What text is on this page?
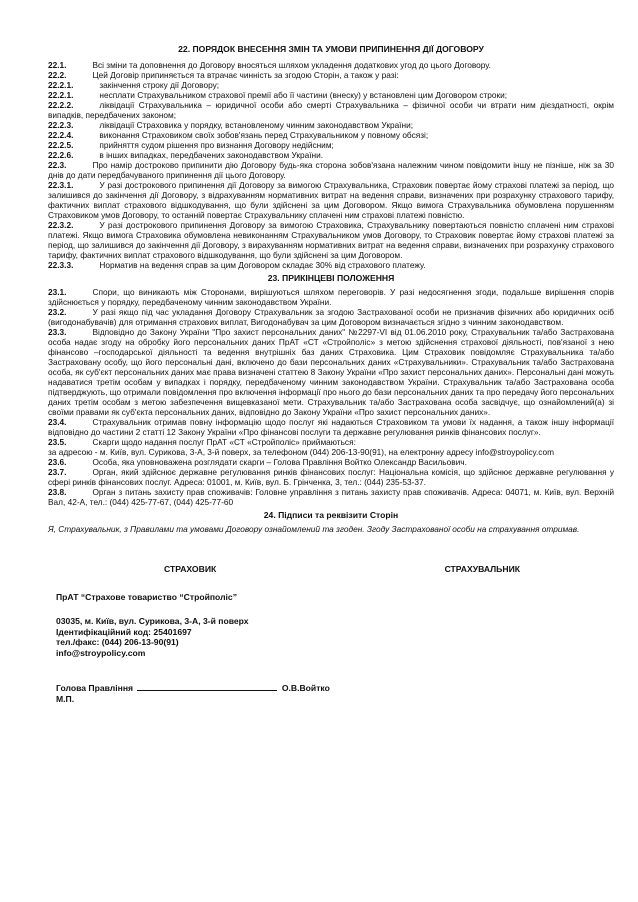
22. ПОРЯДОК ВНЕСЕННЯ ЗМІН ТА УМОВИ ПРИПИНЕННЯ ДІЇ ДОГОВОРУ
22.1.	Всі зміни та доповнення до Договору вносяться шляхом укладення додаткових угод до цього Договору.
22.2.	Цей Договір припиняється та втрачає чинність за згодою Сторін, а також у разі:
22.2.1.	закінчення строку дії Договору;
22.2.1.	несплати Страхувальником страхової премії або її частини (внеску) у встановлені цим Договором строки;
22.2.2.	ліквідації Страхувальника – юридичної особи або смерті Страхувальника – фізичної особи чи втрати ним дієздатності, окрім випадків, передбачених законом;
22.2.3.	ліквідації Страховика у порядку, встановленому чинним законодавством України;
22.2.4.	виконання Страховиком своїх зобов'язань перед Страхувальником у повному обсязі;
22.2.5.	прийняття судом рішення про визнання Договору недійсним;
22.2.6.	в інших випадках, передбачених законодавством України.
22.3.	Про намір достроково припинити дію Договору будь-яка сторона зобов'язана належним чином повідомити іншу не пізніше, ніж за 30 днів до дати передбачуваного припинення дії цього Договору.
22.3.1.	У разі дострокового припинення дії Договору за вимогою Страхувальника, Страховик повертає йому страхові платежі за період, що залишився до закінчення дії Договору, з відрахуванням нормативних витрат на ведення справи, визначених при розрахунку страхового тарифу, фактичних виплат страхового відшкодування, що були здійснені за цим Договором. Якщо вимога Страхувальника обумовлена порушенням Страховиком умов Договору, то останній повертає Страхувальнику сплачені ним страхові платежі повністю.
22.3.2.	У разі дострокового припинення Договору за вимогою Страховика, Страхувальнику повертаються повністю сплачені ним страхові платежі. Якщо вимога Страховика обумовлена невиконанням Страхувальником умов Договору, то Страховик повертає йому страхові платежі за період, що залишився до закінчення дії Договору, з вирахуванням нормативних витрат на ведення справи, визначених при розрахунку страхового тарифу, фактичних виплат страхового відшкодування, що були здійснені за цим Договором.
22.3.3.	Норматив на ведення справ за цим Договором складає 30% від страхового платежу.
23. ПРИКІНЦЕВІ ПОЛОЖЕННЯ
23.1.	Спори, що виникають між Сторонами, вирішуються шляхом переговорів. У разі недосягнення згоди, подальше вирішення спорів здійснюється у порядку, передбаченому чинним законодавством України.
23.2.	У разі якщо під час укладання Договору Страхувальник за згодою Застрахованої особи не призначив фізичних або юридичних осіб (вигодонабувачів) для отримання страхових виплат, Вигодонабувач за цим Договором визначається згідно з чинним законодавством.
23.3.	Відповідно до Закону України "Про захист персональних даних" №2297-VI від 01.06.2010 року, Страхувальник та/або Застрахована особа надає згоду на обробку його персональних даних ПрАТ «СТ «Стройполіс» з метою здійснення страхової діяльності, пов'язаної з нею фінансово –господарської діяльності та ведення внутрішніх баз даних Страховика. Цим Страховик повідомляє Страхувальника та/або Застраховану особу, що його персональні дані, включено до бази персональних даних «Страхувальники». Страхувальник та/або Застрахована особа, як суб'єкт персональних даних має права визначені статтею 8 Закону України «Про захист персональних даних». Персональні дані можуть надаватися третім особам у випадках і порядку, передбаченому чинним законодавством України. Страхувальник та/або Застрахована особа підтверджують, що отримали повідомлення про включення інформації про нього до бази персональних даних та про передачу його персональних даних третім особам з метою забезпечення вищевказаної мети. Страхувальник та/або Застрахована особа засвідчує, що ознайомлений(а) зі своїми правами як суб'єкта персональних даних, відповідно до Закону України «Про захист персональних даних».
23.4.	Страхувальник отримав повну інформацію щодо послуг які надаються Страховиком та умови їх надання, а також іншу інформації відповідно до частини 2 статті 12 Закону України «Про фінансові послуги та державне регулювання ринків фінансових послуг».
23.5.	Скарги щодо надання послуг ПрАТ «СТ «Стройполіс» приймаються:
за адресою - м. Київ, вул. Сурикова, 3-А, 3-й поверх, за телефоном (044) 206-13-90(91), на електронну адресу info@stroypolicy.com
23.6.	Особа, яка уповноважена розглядати скарги – Голова Правління Войтко Олександр Васильович.
23.7.	Орган, який здійснює державне регулювання ринків фінансових послуг: Національна комісія, що здійснює державне регулювання у сфері ринків фінансових послуг. Адреса: 01001, м. Київ, вул. Б. Грінченка, 3, тел.: (044) 235-53-37.
23.8.	Орган з питань захисту прав споживачів: Головне управління з питань захисту прав споживачів. Адреса: 04071, м. Київ, вул. Верхній Вал, 42-А, тел.: (044) 425-77-67, (044) 425-77-60
24. Підписи та реквізити Сторін
Я, Страхувальник, з Правилами та умовами Договору ознайомлений та згоден. Згоду Застрахованої особи на страхування отримав.
СТРАХОВИК	СТРАХУВАЛЬНИК
ПрАТ “Страхове товариство “Стройполіс”
03035, м. Київ, вул. Сурикова, 3-А, 3-й поверх
Ідентифікаційний код: 25401697
тел./факс: (044) 206-13-90(91)
info@stroypolicy.com
Голова Правління	О.В.Войтко
М.П.
